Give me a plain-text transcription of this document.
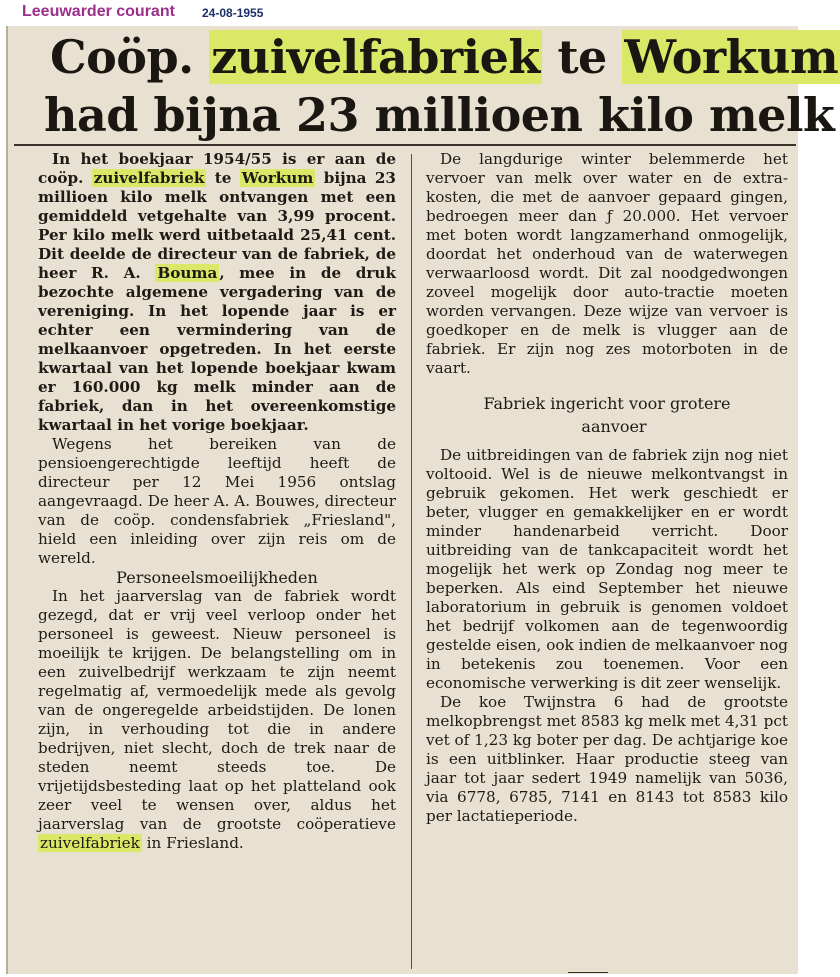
Leeuwarder courant 24-08-1955
Coöp. zuivelfabriek te Workum
had bijna 23 millioen kilo melk

In het boekjaar 1954/55 is er aan de coöp. zuivelfabriek te Workum bijna 23 millioen kilo melk ontvangen met een gemiddeld vetgehalte van 3,99 procent. Per kilo melk werd uitbetaald 25,41 cent. Dit deelde de directeur van de fabriek, de heer R. A. Bouma , mee in de druk bezochte algemene vergadering van de vereniging. In het lopende jaar is er echter een vermindering van de melkaanvoer opgetreden. In het eerste kwartaal van het lopende boekjaar kwam er 160.000 kg melk minder aan de fabriek, dan in het overeenkomstige kwartaal in het vorige boekjaar.

Wegens het bereiken van de pensioengerechtigde leeftijd heeft de directeur per 12 Mei 1956 ontslag aangevraagd. De heer A. A. Bouwes, directeur van de coöp. condensfabriek „Friesland", hield een inleiding over zijn reis om de wereld.

Personeelsmoeilijkheden

In het jaarverslag van de fabriek wordt gezegd, dat er vrij veel verloop onder het personeel is geweest. Nieuw personeel is moeilijk te krijgen. De belangstelling om in een zuivelbedrijf werkzaam te zijn neemt regelmatig af, vermoedelijk mede als gevolg van de ongeregelde arbeidstijden. De lonen zijn, in verhouding tot die in andere bedrijven, niet slecht, doch de trek naar de steden neemt steeds toe. De vrijetijdsbesteding laat op het platteland ook zeer veel te wensen over, aldus het jaarverslag van de grootste coöperatieve zuivelfabriek in Friesland.

De langdurige winter belemmerde het vervoer van melk over water en de extra-kosten, die met de aanvoer gepaard gingen, bedroegen meer dan ƒ 20.000. Het vervoer met boten wordt langzamerhand onmogelijk, doordat het onderhoud van de waterwegen verwaarloosd wordt. Dit zal noodgedwongen zoveel mogelijk door auto-tractie moeten worden vervangen. Deze wijze van vervoer is goedkoper en de melk is vlugger aan de fabriek. Er zijn nog zes motorboten in de vaart.

Fabriek ingericht voor grotere

aanvoer

De uitbreidingen van de fabriek zijn nog niet voltooid. Wel is de nieuwe melkontvangst in gebruik gekomen. Het werk geschiedt er beter, vlugger en gemakkelijker en er wordt minder handenarbeid verricht. Door uitbreiding van de tankcapaciteit wordt het mogelijk het werk op Zondag nog meer te beperken. Als eind September het nieuwe laboratorium in gebruik is genomen voldoet het bedrijf volkomen aan de tegenwoordig gestelde eisen, ook indien de melkaanvoer nog in betekenis zou toenemen. Voor een economische verwerking is dit zeer wenselijk.

De koe Twijnstra 6 had de grootste melkopbrengst met 8583 kg melk met 4,31 pct vet of 1,23 kg boter per dag. De achtjarige koe is een uitblinker. Haar productie steeg van jaar tot jaar sedert 1949 namelijk van 5036, via 6778, 6785, 7141 en 8143 tot 8583 kilo per lactatieperiode.
